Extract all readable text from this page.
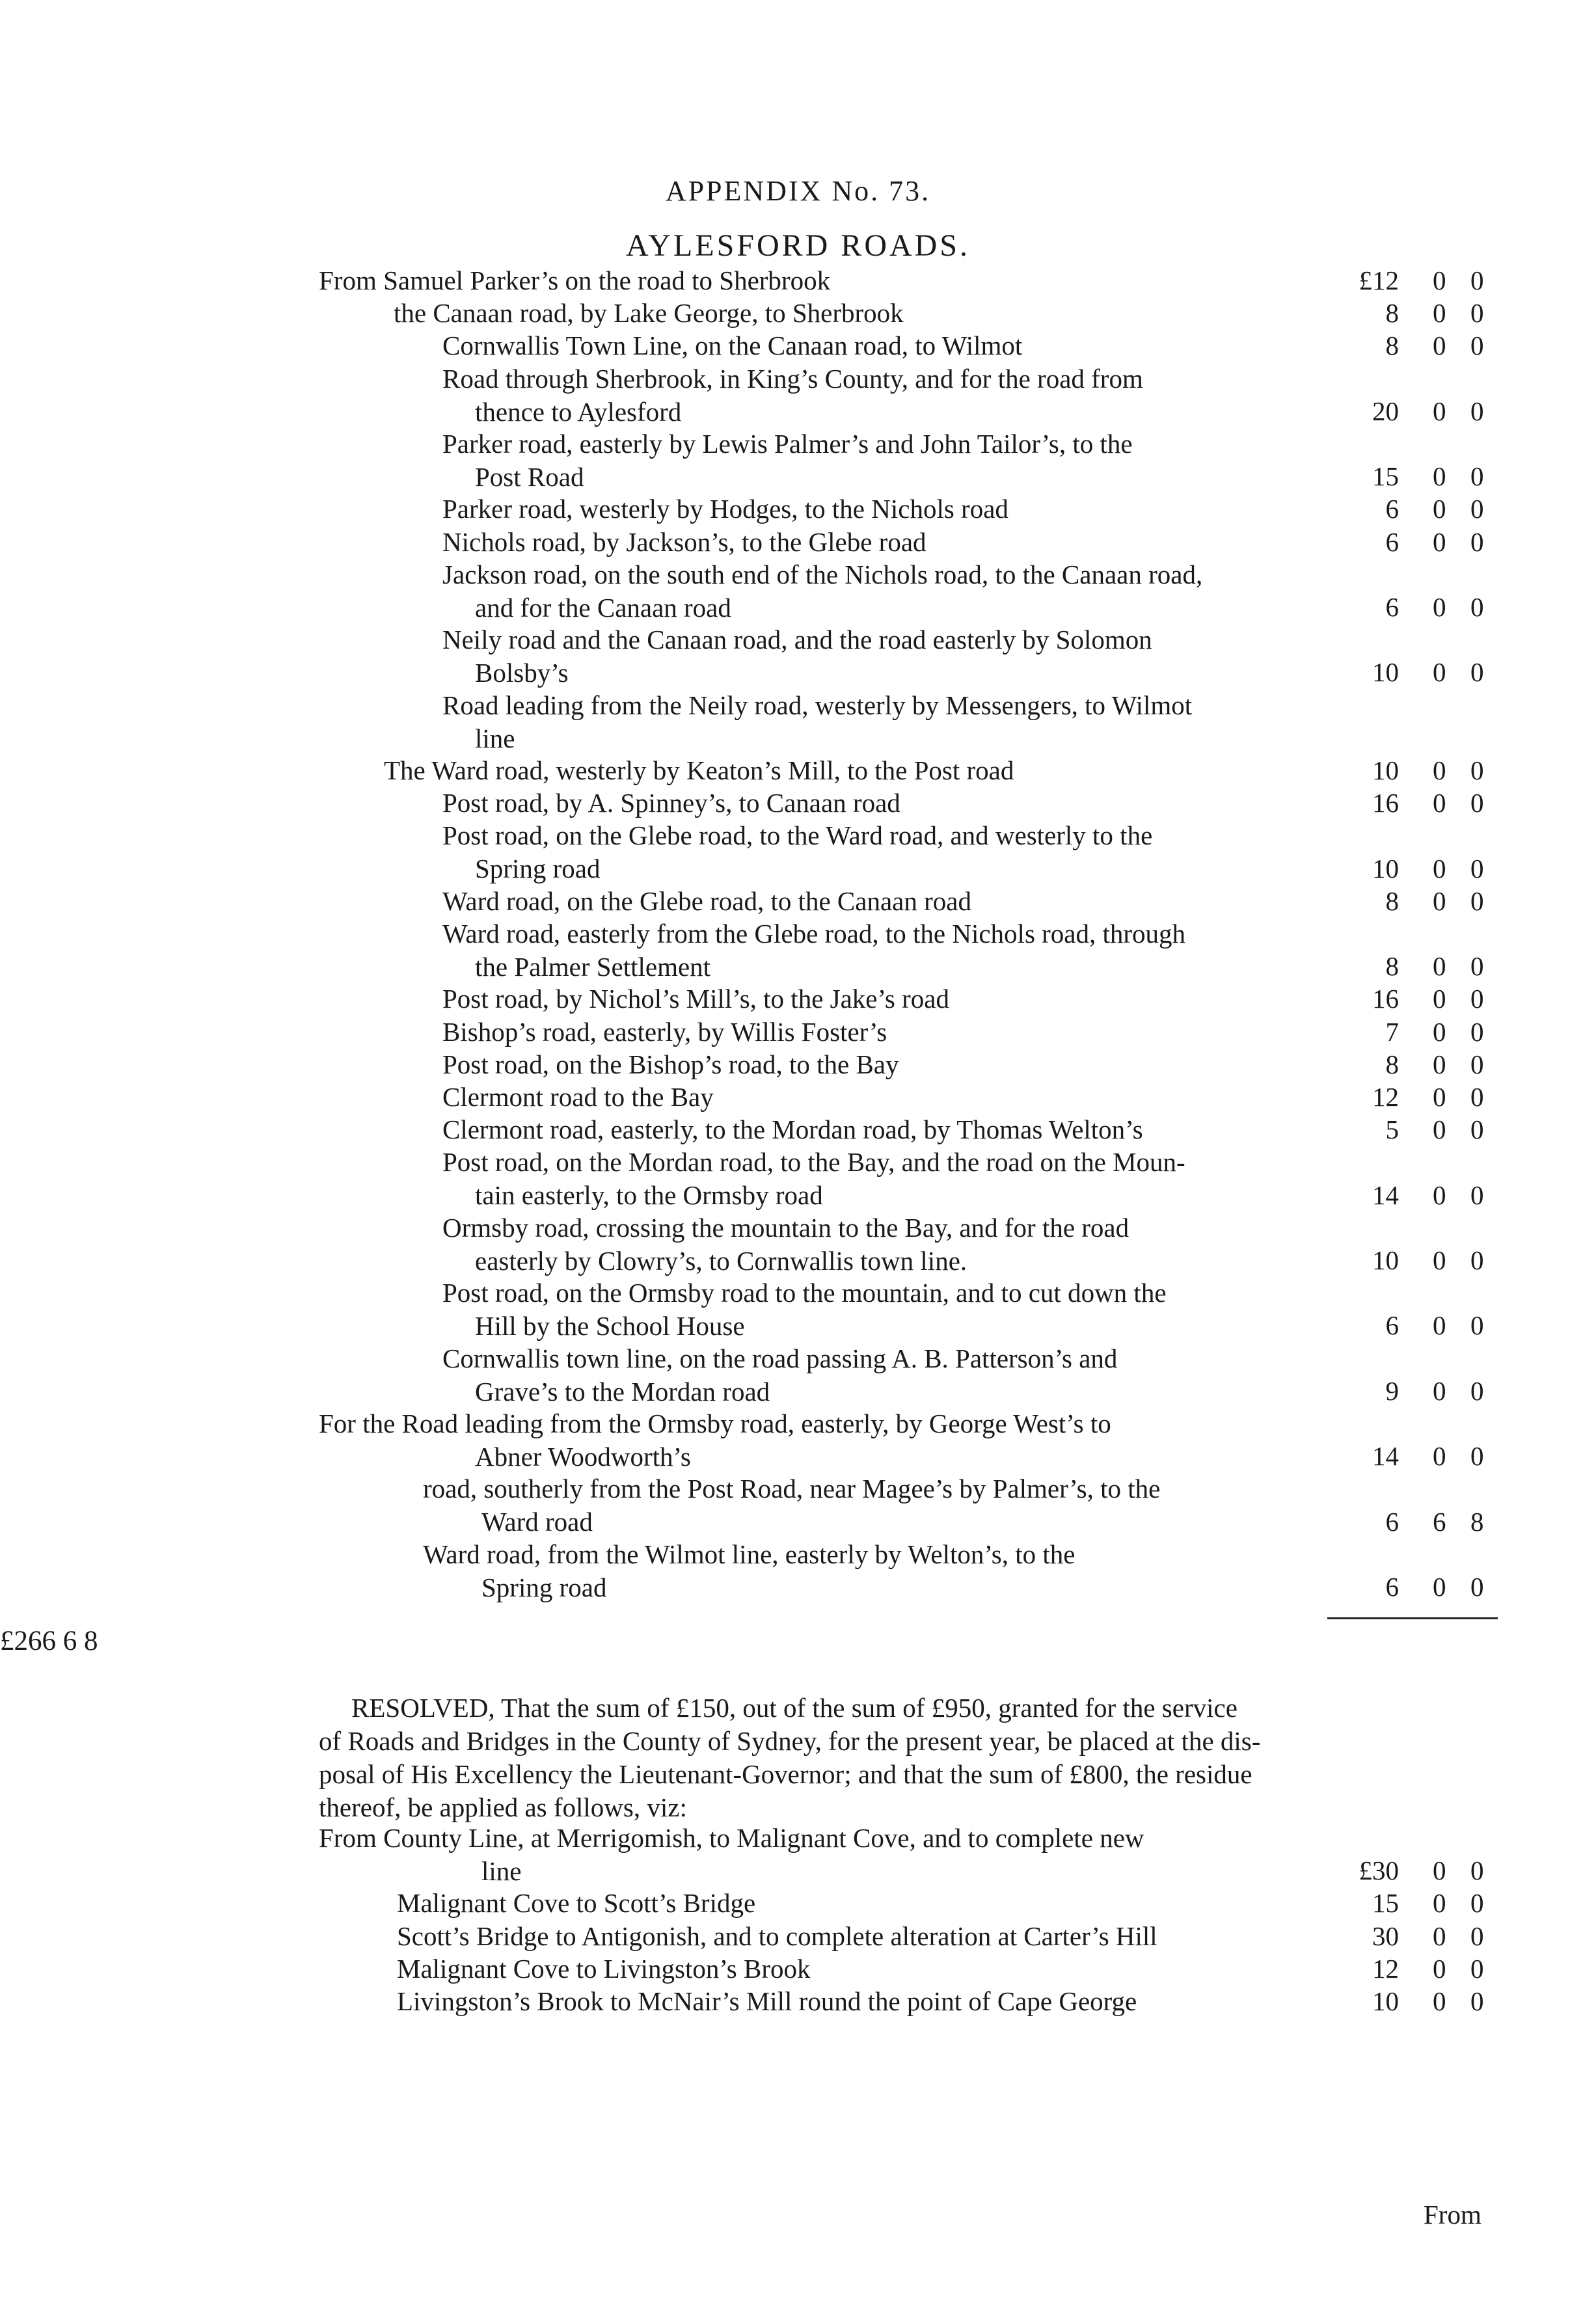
APPENDIX No. 73.
AYLESFORD ROADS.
From Samuel Parker’s on the road to Sherbrook	£12 0 0
the Canaan road, by Lake George, to Sherbrook	8 0 0
Cornwallis Town Line, on the Canaan road, to Wilmot	8 0 0
Road through Sherbrook, in King’s County, and for the road from
thence to Aylesford	20 0 0
Parker road, easterly by Lewis Palmer’s and John Tailor’s, to the
Post Road	15 0 0
Parker road, westerly by Hodges, to the Nichols road	6 0 0
Nichols road, by Jackson’s, to the Glebe road	6 0 0
Jackson road, on the south end of the Nichols road, to the Canaan road,
and for the Canaan road	6 0 0
Neily road and the Canaan road, and the road easterly by Solomon
Bolsby’s	10 0 0
Road leading from the Neily road, westerly by Messengers, to Wilmot
line
The Ward road, westerly by Keaton’s Mill, to the Post road	10 0 0
Post road, by A. Spinney’s, to Canaan road	16 0 0
Post road, on the Glebe road, to the Ward road, and westerly to the
Spring road	10 0 0
Ward road, on the Glebe road, to the Canaan road	8 0 0
Ward road, easterly from the Glebe road, to the Nichols road, through
the Palmer Settlement	8 0 0
Post road, by Nichol’s Mill’s, to the Jake’s road	16 0 0
Bishop’s road, easterly, by Willis Foster’s	7 0 0
Post road, on the Bishop’s road, to the Bay	8 0 0
Clermont road to the Bay	12 0 0
Clermont road, easterly, to the Mordan road, by Thomas Welton’s	5 0 0
Post road, on the Mordan road, to the Bay, and the road on the Moun-
tain easterly, to the Ormsby road	14 0 0
Ormsby road, crossing the mountain to the Bay, and for the road
easterly by Clowry’s, to Cornwallis town line.	10 0 0
Post road, on the Ormsby road to the mountain, and to cut down the
Hill by the School House	6 0 0
Cornwallis town line, on the road passing A. B. Patterson’s and
Grave’s to the Mordan road	9 0 0
For the Road leading from the Ormsby road, easterly, by George West’s to
Abner Woodworth’s	14 0 0
road, southerly from the Post Road, near Magee’s by Palmer’s, to the
Ward road	6 6 8
Ward road, from the Wilmot line, easterly by Welton’s, to the
Spring road	6 0 0
£266 6 8
RESOLVED, That the sum of £150, out of the sum of £950, granted for the service
of Roads and Bridges in the County of Sydney, for the present year, be placed at the dis-
posal of His Excellency the Lieutenant-Governor; and that the sum of £800, the residue
thereof, be applied as follows, viz:
From County Line, at Merrigomish, to Malignant Cove, and to complete new
line	£30 0 0
Malignant Cove to Scott’s Bridge	15 0 0
Scott’s Bridge to Antigonish, and to complete alteration at Carter’s Hill	30 0 0
Malignant Cove to Livingston’s Brook	12 0 0
Livingston’s Brook to McNair’s Mill round the point of Cape George	10 0 0
From
